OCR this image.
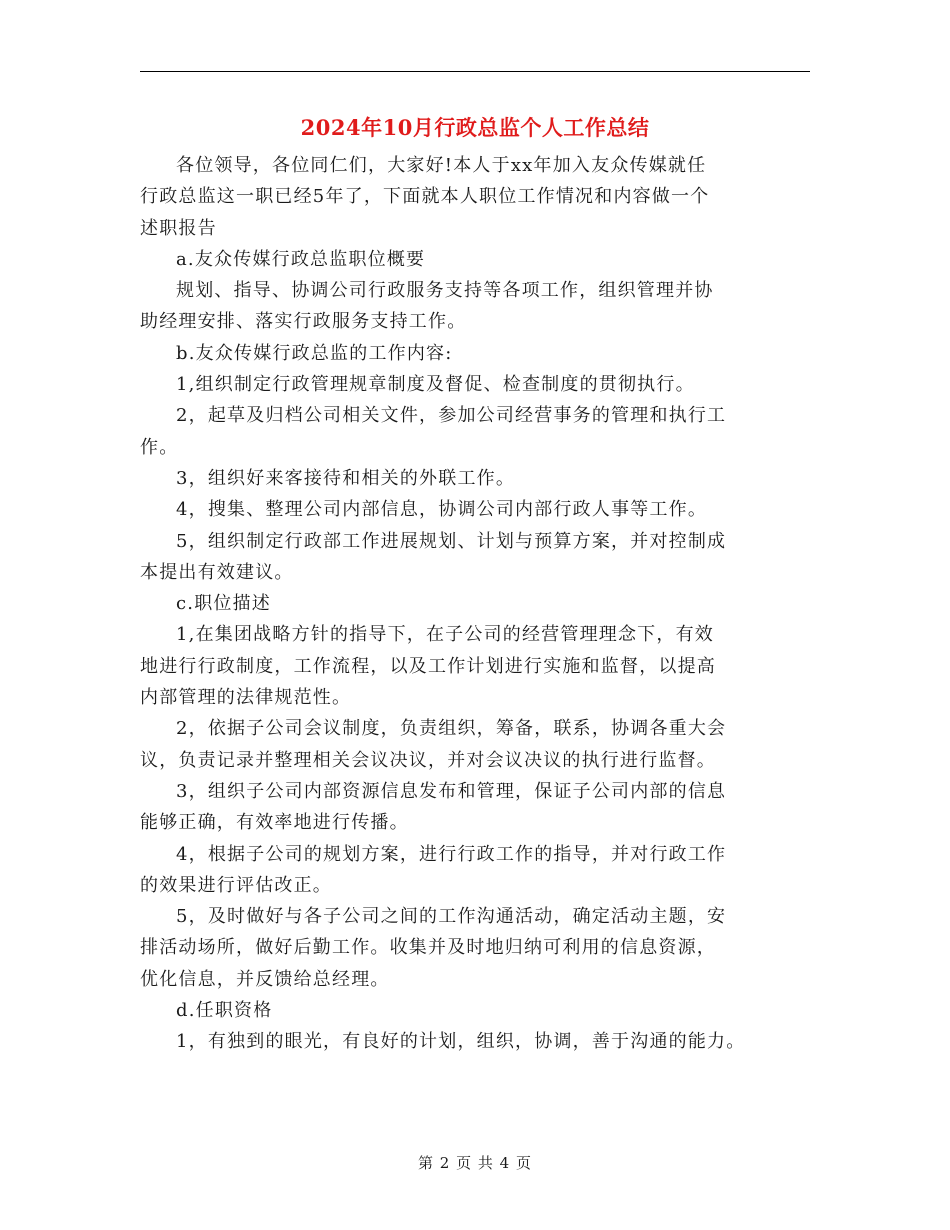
2024年10月行政总监个人工作总结

各位领导，各位同仁们，大家好!本人于xx年加入友众传媒就任
行政总监这一职已经5年了，下面就本人职位工作情况和内容做一个
述职报告

a.友众传媒行政总监职位概要

规划、指导、协调公司行政服务支持等各项工作，组织管理并协
助经理安排、落实行政服务支持工作。

b.友众传媒行政总监的工作内容:

1,组织制定行政管理规章制度及督促、检查制度的贯彻执行。

2，起草及归档公司相关文件，参加公司经营事务的管理和执行工
作。

3，组织好来客接待和相关的外联工作。

4，搜集、整理公司内部信息，协调公司内部行政人事等工作。

5，组织制定行政部工作进展规划、计划与预算方案，并对控制成
本提出有效建议。

c.职位描述

1,在集团战略方针的指导下，在子公司的经营管理理念下，有效
地进行行政制度，工作流程，以及工作计划进行实施和监督，以提高
内部管理的法律规范性。

2，依据子公司会议制度，负责组织，筹备，联系，协调各重大会
议，负责记录并整理相关会议决议，并对会议决议的执行进行监督。

3，组织子公司内部资源信息发布和管理，保证子公司内部的信息
能够正确，有效率地进行传播。

4，根据子公司的规划方案，进行行政工作的指导，并对行政工作
的效果进行评估改正。

5，及时做好与各子公司之间的工作沟通活动，确定活动主题，安
排活动场所，做好后勤工作。收集并及时地归纳可利用的信息资源，
优化信息，并反馈给总经理。

d.任职资格

1，有独到的眼光，有良好的计划，组织，协调，善于沟通的能力。

第 2 页 共 4 页
